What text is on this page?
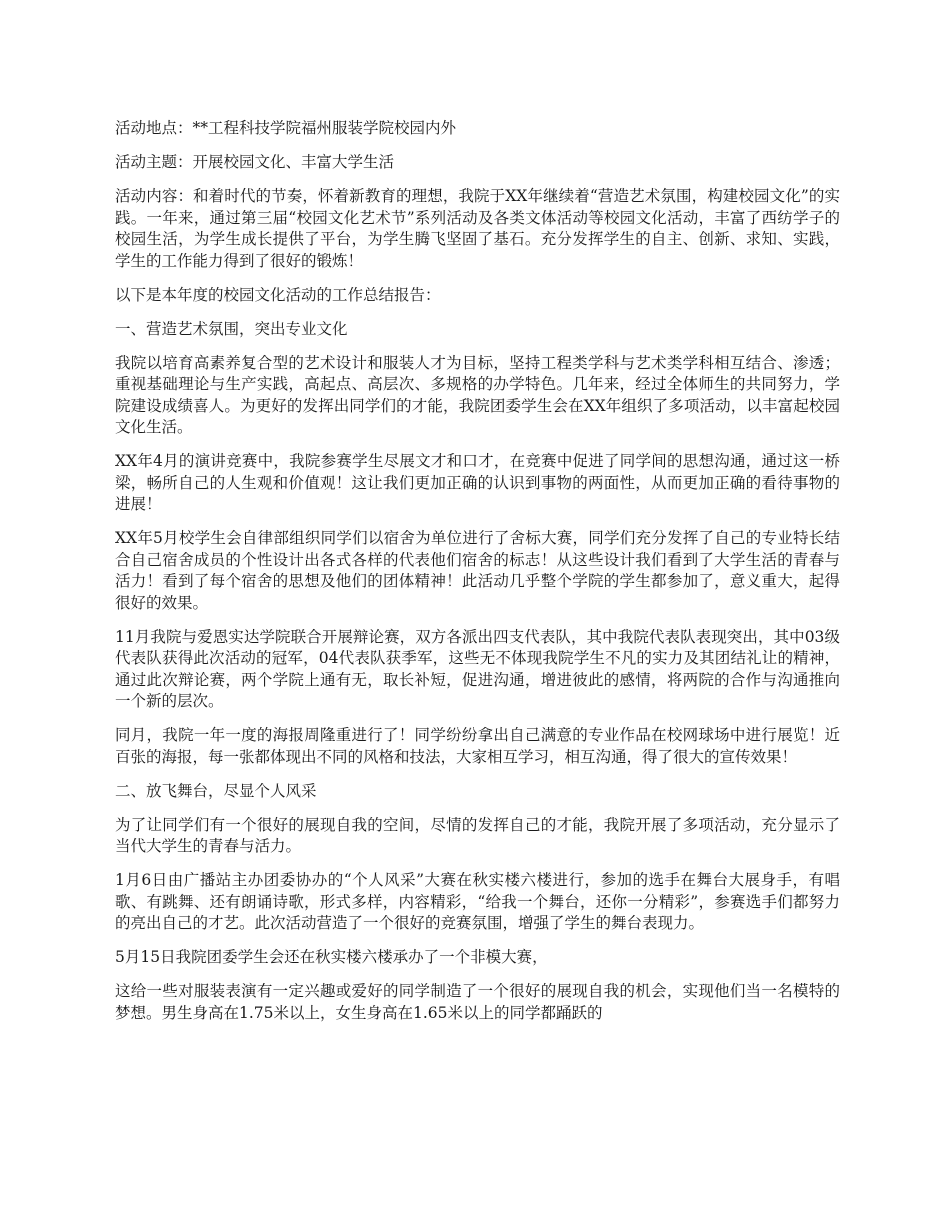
活动地点：**工程科技学院福州服装学院校园内外

活动主题：开展校园文化、丰富大学生活

活动内容：和着时代的节奏，怀着新教育的理想，我院于XX年继续着“营造艺术氛围，构建校园文化”的实践。一年来，通过第三届“校园文化艺术节”系列活动及各类文体活动等校园文化活动，丰富了西纺学子的校园生活，为学生成长提供了平台，为学生腾飞坚固了基石。充分发挥学生的自主、创新、求知、实践，学生的工作能力得到了很好的锻炼！

以下是本年度的校园文化活动的工作总结报告：

一、营造艺术氛围，突出专业文化

我院以培育高素养复合型的艺术设计和服装人才为目标，坚持工程类学科与艺术类学科相互结合、渗透；重视基础理论与生产实践，高起点、高层次、多规格的办学特色。几年来，经过全体师生的共同努力，学院建设成绩喜人。为更好的发挥出同学们的才能，我院团委学生会在XX年组织了多项活动，以丰富起校园文化生活。

XX年4月的演讲竞赛中，我院参赛学生尽展文才和口才，在竞赛中促进了同学间的思想沟通，通过这一桥梁，畅所自己的人生观和价值观！这让我们更加正确的认识到事物的两面性，从而更加正确的看待事物的进展！

XX年5月校学生会自律部组织同学们以宿舍为单位进行了舍标大赛，同学们充分发挥了自己的专业特长结合自己宿舍成员的个性设计出各式各样的代表他们宿舍的标志！从这些设计我们看到了大学生活的青春与活力！看到了每个宿舍的思想及他们的团体精神！此活动几乎整个学院的学生都参加了，意义重大，起得很好的效果。

11月我院与爱恩实达学院联合开展辩论赛，双方各派出四支代表队，其中我院代表队表现突出，其中03级代表队获得此次活动的冠军，04代表队获季军，这些无不体现我院学生不凡的实力及其团结礼让的精神，通过此次辩论赛，两个学院上通有无，取长补短，促进沟通，增进彼此的感情，将两院的合作与沟通推向一个新的层次。

同月，我院一年一度的海报周隆重进行了！同学纷纷拿出自己满意的专业作品在校网球场中进行展览！近百张的海报，每一张都体现出不同的风格和技法，大家相互学习，相互沟通，得了很大的宣传效果！

二、放飞舞台，尽显个人风采

为了让同学们有一个很好的展现自我的空间，尽情的发挥自己的才能，我院开展了多项活动，充分显示了当代大学生的青春与活力。

1月6日由广播站主办团委协办的“个人风采”大赛在秋实楼六楼进行，参加的选手在舞台大展身手，有唱歌、有跳舞、还有朗诵诗歌，形式多样，内容精彩，“给我一个舞台，还你一分精彩”，参赛选手们都努力的亮出自己的才艺。此次活动营造了一个很好的竞赛氛围，增强了学生的舞台表现力。

5月15日我院团委学生会还在秋实楼六楼承办了一个非模大赛，

这给一些对服装表演有一定兴趣或爱好的同学制造了一个很好的展现自我的机会，实现他们当一名模特的梦想。男生身高在1.75米以上，女生身高在1.65米以上的同学都踊跃的
